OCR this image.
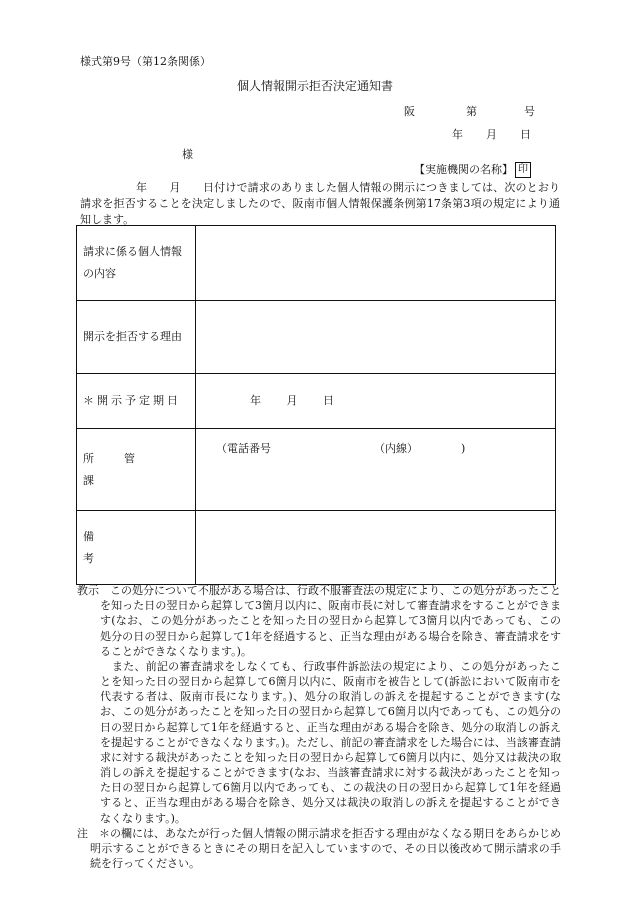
様式第9号（第12条関係）
個人情報開示拒否決定通知書
阪	第	号
年	月	日
様
【実施機関の名称】 印

年　　月　　日付けで請求のありました個人情報の開示につきましては、次のとおり請求を拒否することを決定しましたので、阪南市個人情報保護条例第17条第3項の規定により通知します。

請求に係る個人情報の内容	
開示を拒否する理由	

＊開示予定期日	年 月 日

所管課	（電話番号 （内線） )

備考	

教示　この処分について不服がある場合は、行政不服審査法の規定により、この処分があったことを知った日の翌日から起算して3箇月以内に、阪南市長に対して審査請求をすることができます(なお、この処分があったことを知った日の翌日から起算して3箇月以内であっても、この処分の日の翌日から起算して1年を経過すると、正当な理由がある場合を除き、審査請求をすることができなくなります。)。

また、前記の審査請求をしなくても、行政事件訴訟法の規定により、この処分があったことを知った日の翌日から起算して6箇月以内に、阪南市を被告として(訴訟において阪南市を代表する者は、阪南市長になります。)、処分の取消しの訴えを提起することができます(なお、この処分があったことを知った日の翌日から起算して6箇月以内であっても、この処分の日の翌日から起算して1年を経過すると、正当な理由がある場合を除き、処分の取消しの訴えを提起することができなくなります。)。ただし、前記の審査請求をした場合には、当該審査請求に対する裁決があったことを知った日の翌日から起算して6箇月以内に、処分又は裁決の取消しの訴えを提起することができます(なお、当該審査請求に対する裁決があったことを知った日の翌日から起算して6箇月以内であっても、この裁決の日の翌日から起算して1年を経過すると、正当な理由がある場合を除き、処分又は裁決の取消しの訴えを提起することができなくなります。)。

注　＊の欄には、あなたが行った個人情報の開示請求を拒否する理由がなくなる期日をあらかじめ明示することができるときにその期日を記入していますので、その日以後改めて開示請求の手続を行ってください。
